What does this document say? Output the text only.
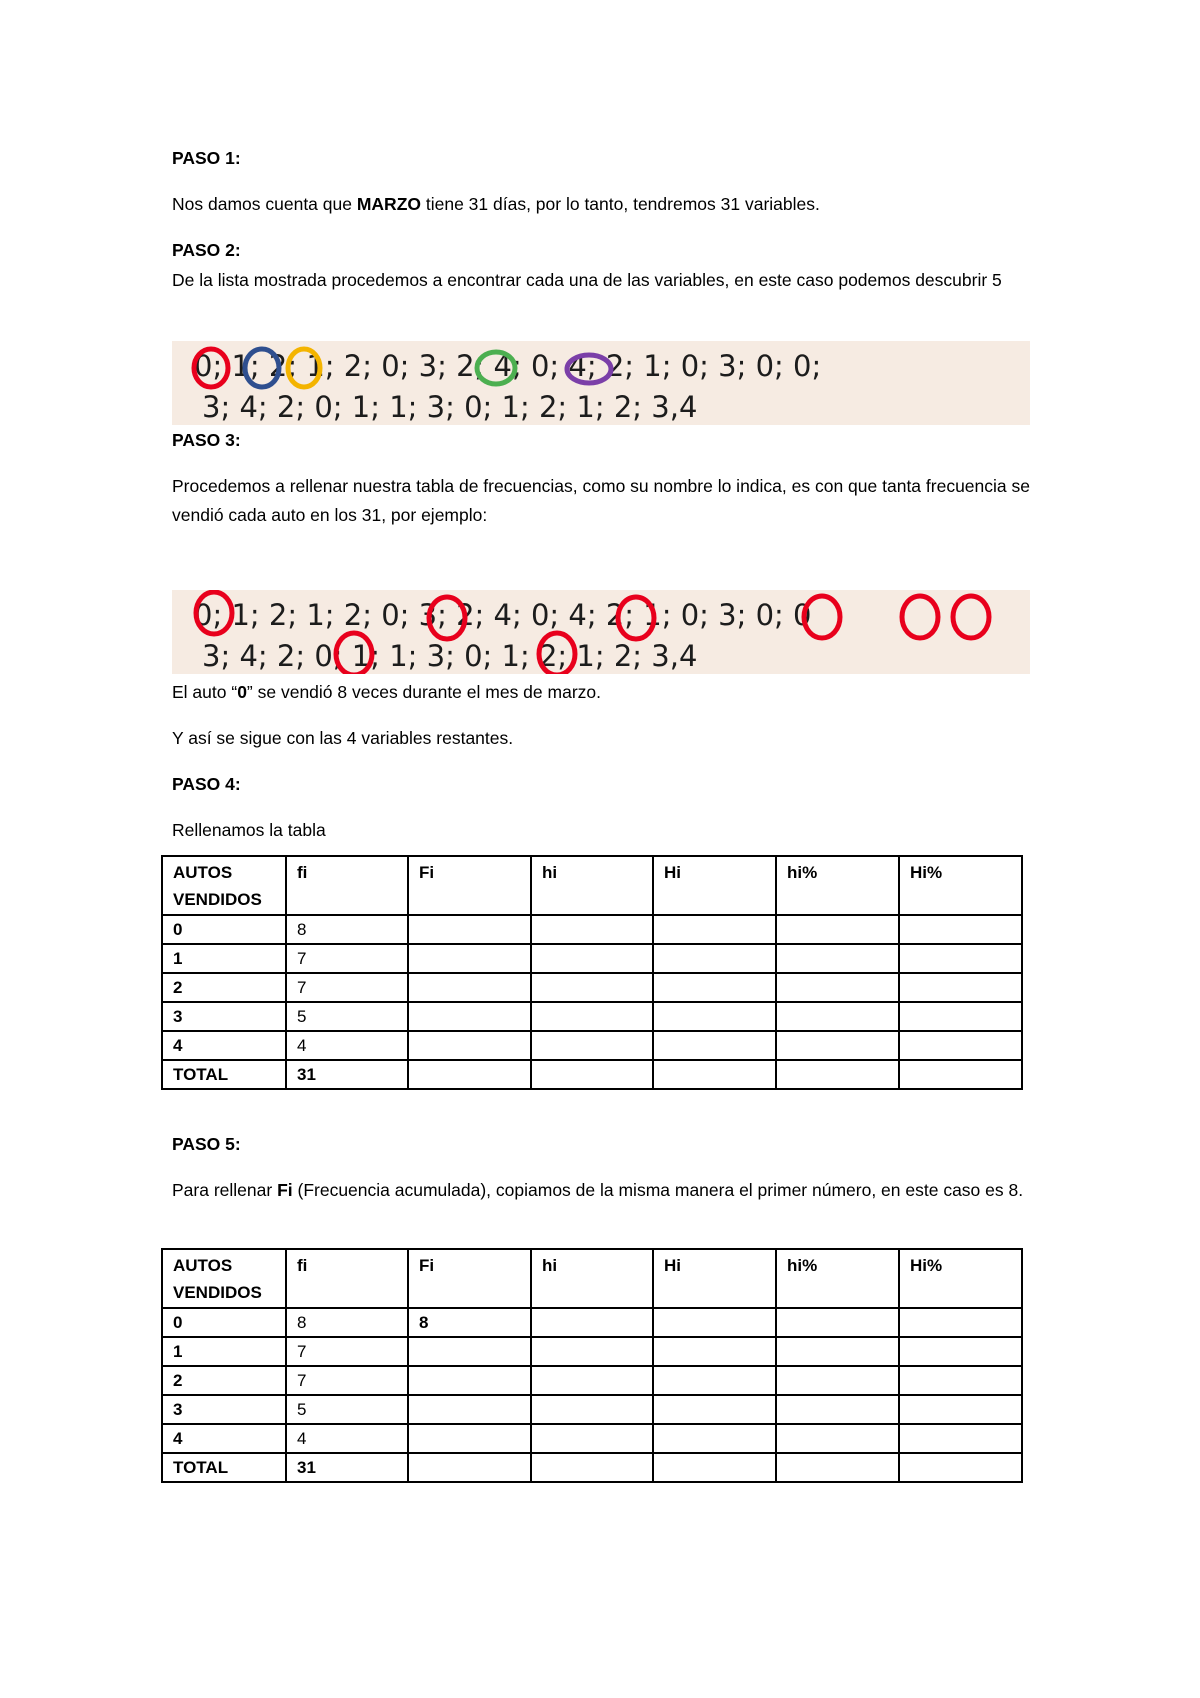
PASO 1:

Nos damos cuenta que MARZO tiene 31 días, por lo tanto, tendremos 31 variables.

PASO 2:

De la lista mostrada procedemos a encontrar cada una de las variables, en este caso podemos descubrir 5

0; 1; 2; 1; 2; 0; 3; 2; 4; 0; 4; 2; 1; 0; 3; 0; 0;
3; 4; 2; 0; 1; 1; 3; 0; 1; 2; 1; 2; 3,4

PASO 3:

Procedemos a rellenar nuestra tabla de frecuencias, como su nombre lo indica, es con que tanta frecuencia se vendió cada auto en los 31, por ejemplo:

0; 1; 2; 1; 2; 0; 3; 2; 4; 0; 4; 2; 1; 0; 3; 0; 0
3; 4; 2; 0; 1; 1; 3; 0; 1; 2; 1; 2; 3,4

El auto “0” se vendió 8 veces durante el mes de marzo.

Y así se sigue con las 4 variables restantes.

PASO 4:

Rellenamos la tabla

AUTOS VENDIDOS	fi	Fi	hi	Hi	hi%	Hi%
0	8					
1	7					
2	7					
3	5					
4	4					
TOTAL	31					

PASO 5:

Para rellenar Fi (Frecuencia acumulada), copiamos de la misma manera el primer número, en este caso es 8.

AUTOS VENDIDOS	fi	Fi	hi	Hi	hi%	Hi%
0	8	8				
1	7					
2	7					
3	5					
4	4					
TOTAL	31					
